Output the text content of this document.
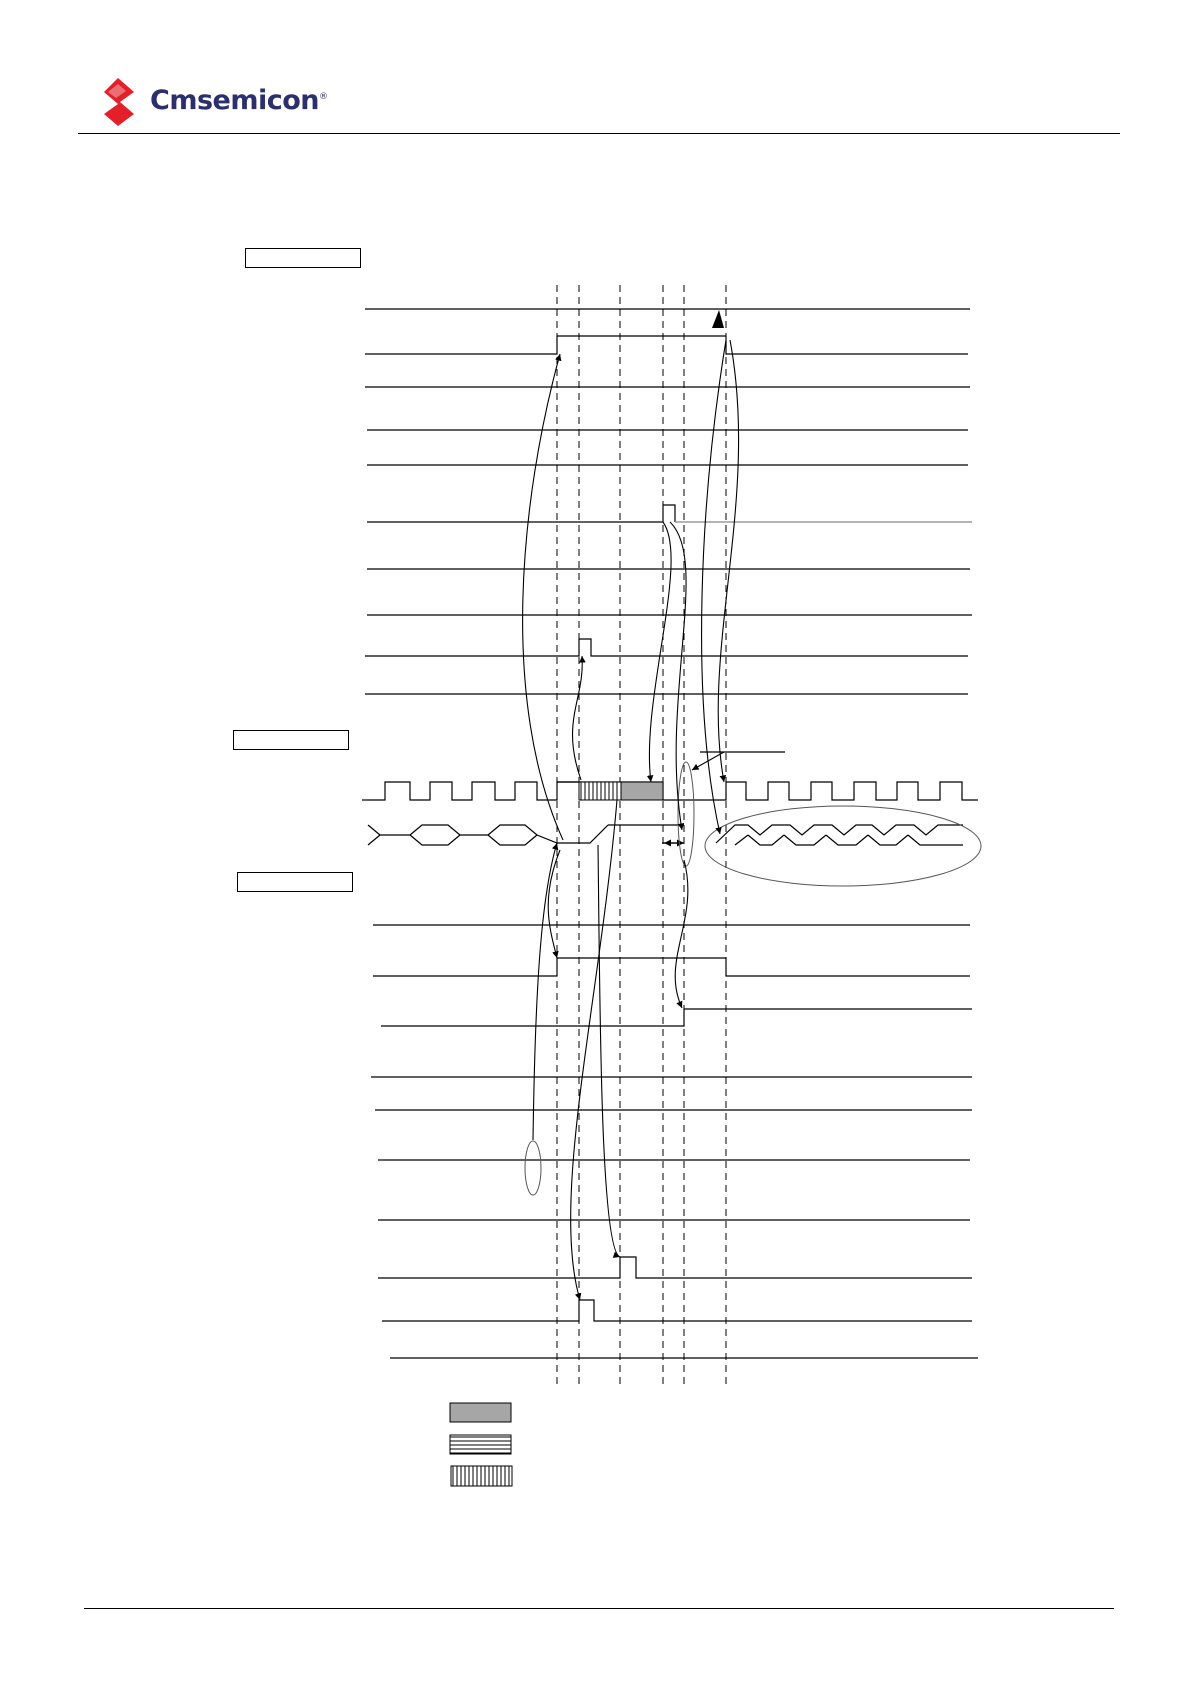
Cmsemicon®
